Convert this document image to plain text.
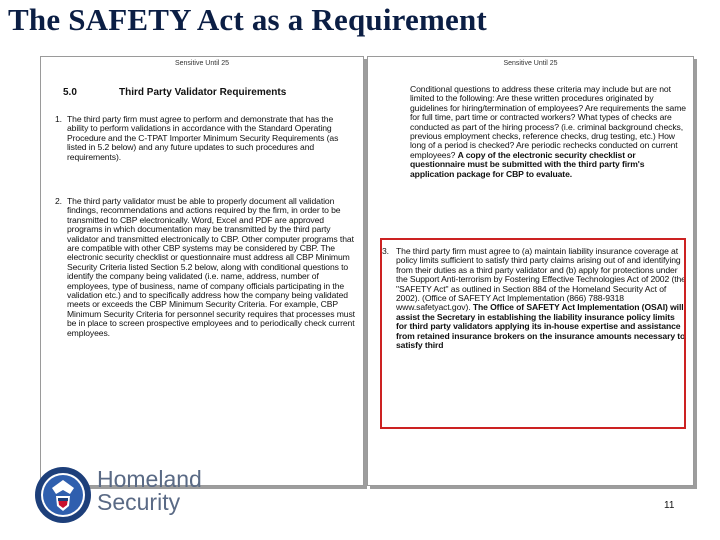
The SAFETY Act as a Requirement
Sensitive Until 25
5.0	Third Party Validator Requirements
1. The third party firm must agree to perform and demonstrate that has the ability to perform validations in accordance with the Standard Operating Procedure and the C-TPAT Importer Minimum Security Requirements (as listed in 5.2 below) and any future updates to such procedures and requirements).
2. The third party validator must be able to properly document all validation findings, recommendations and actions required by the firm, in order to be transmitted to CBP electronically. Word, Excel and PDF are approved programs in which documentation may be transmitted by the third party validator and transmitted electronically to CBP. Other computer programs that are compatible with other CBP systems may be considered by CBP. The electronic security checklist or questionnaire must address all CBP Minimum Security Criteria listed Section 5.2 below, along with conditional questions to identify the company being validated (i.e. name, address, number of employees, type of business, name of company officials participating in the validation etc.) and to specifically address how the company being validated meets or exceeds the CBP Minimum Security Criteria. For example, CBP Minimum Security Criteria for personnel security requires that processes must be in place to screen prospective employees and to periodically check current employees.
Sensitive Until 25
Conditional questions to address these criteria may include but are not limited to the following: Are these written procedures originated by guidelines for hiring/termination of employees? Are requirements the same for full time, part time or contracted workers? What types of checks are conducted as part of the hiring process? (i.e. criminal background checks, previous employment checks, reference checks, drug testing, etc.) How long of a period is checked? Are periodic rechecks conducted on current employees? A copy of the electronic security checklist or questionnaire must be submitted with the third party firm's application package for CBP to evaluate.
3. The third party firm must agree to (a) maintain liability insurance coverage at policy limits sufficient to satisfy third party claims arising out of and identifying from their duties as a third party validator and (b) apply for protections under the Support Anti-terrorism by Fostering Effective Technologies Act of 2002 (the "SAFETY Act" as outlined in Section 884 of the Homeland Security Act of 2002). (Office of SAFETY Act Implementation (866) 788-9318 www.safetyact.gov). The Office of SAFETY Act Implementation (OSAI) will assist the Secretary in establishing the liability insurance policy limits for third party validators applying its in-house expertise and assistance from retained insurance brokers on the insurance amounts necessary to satisfy third
Homeland
Security	11
